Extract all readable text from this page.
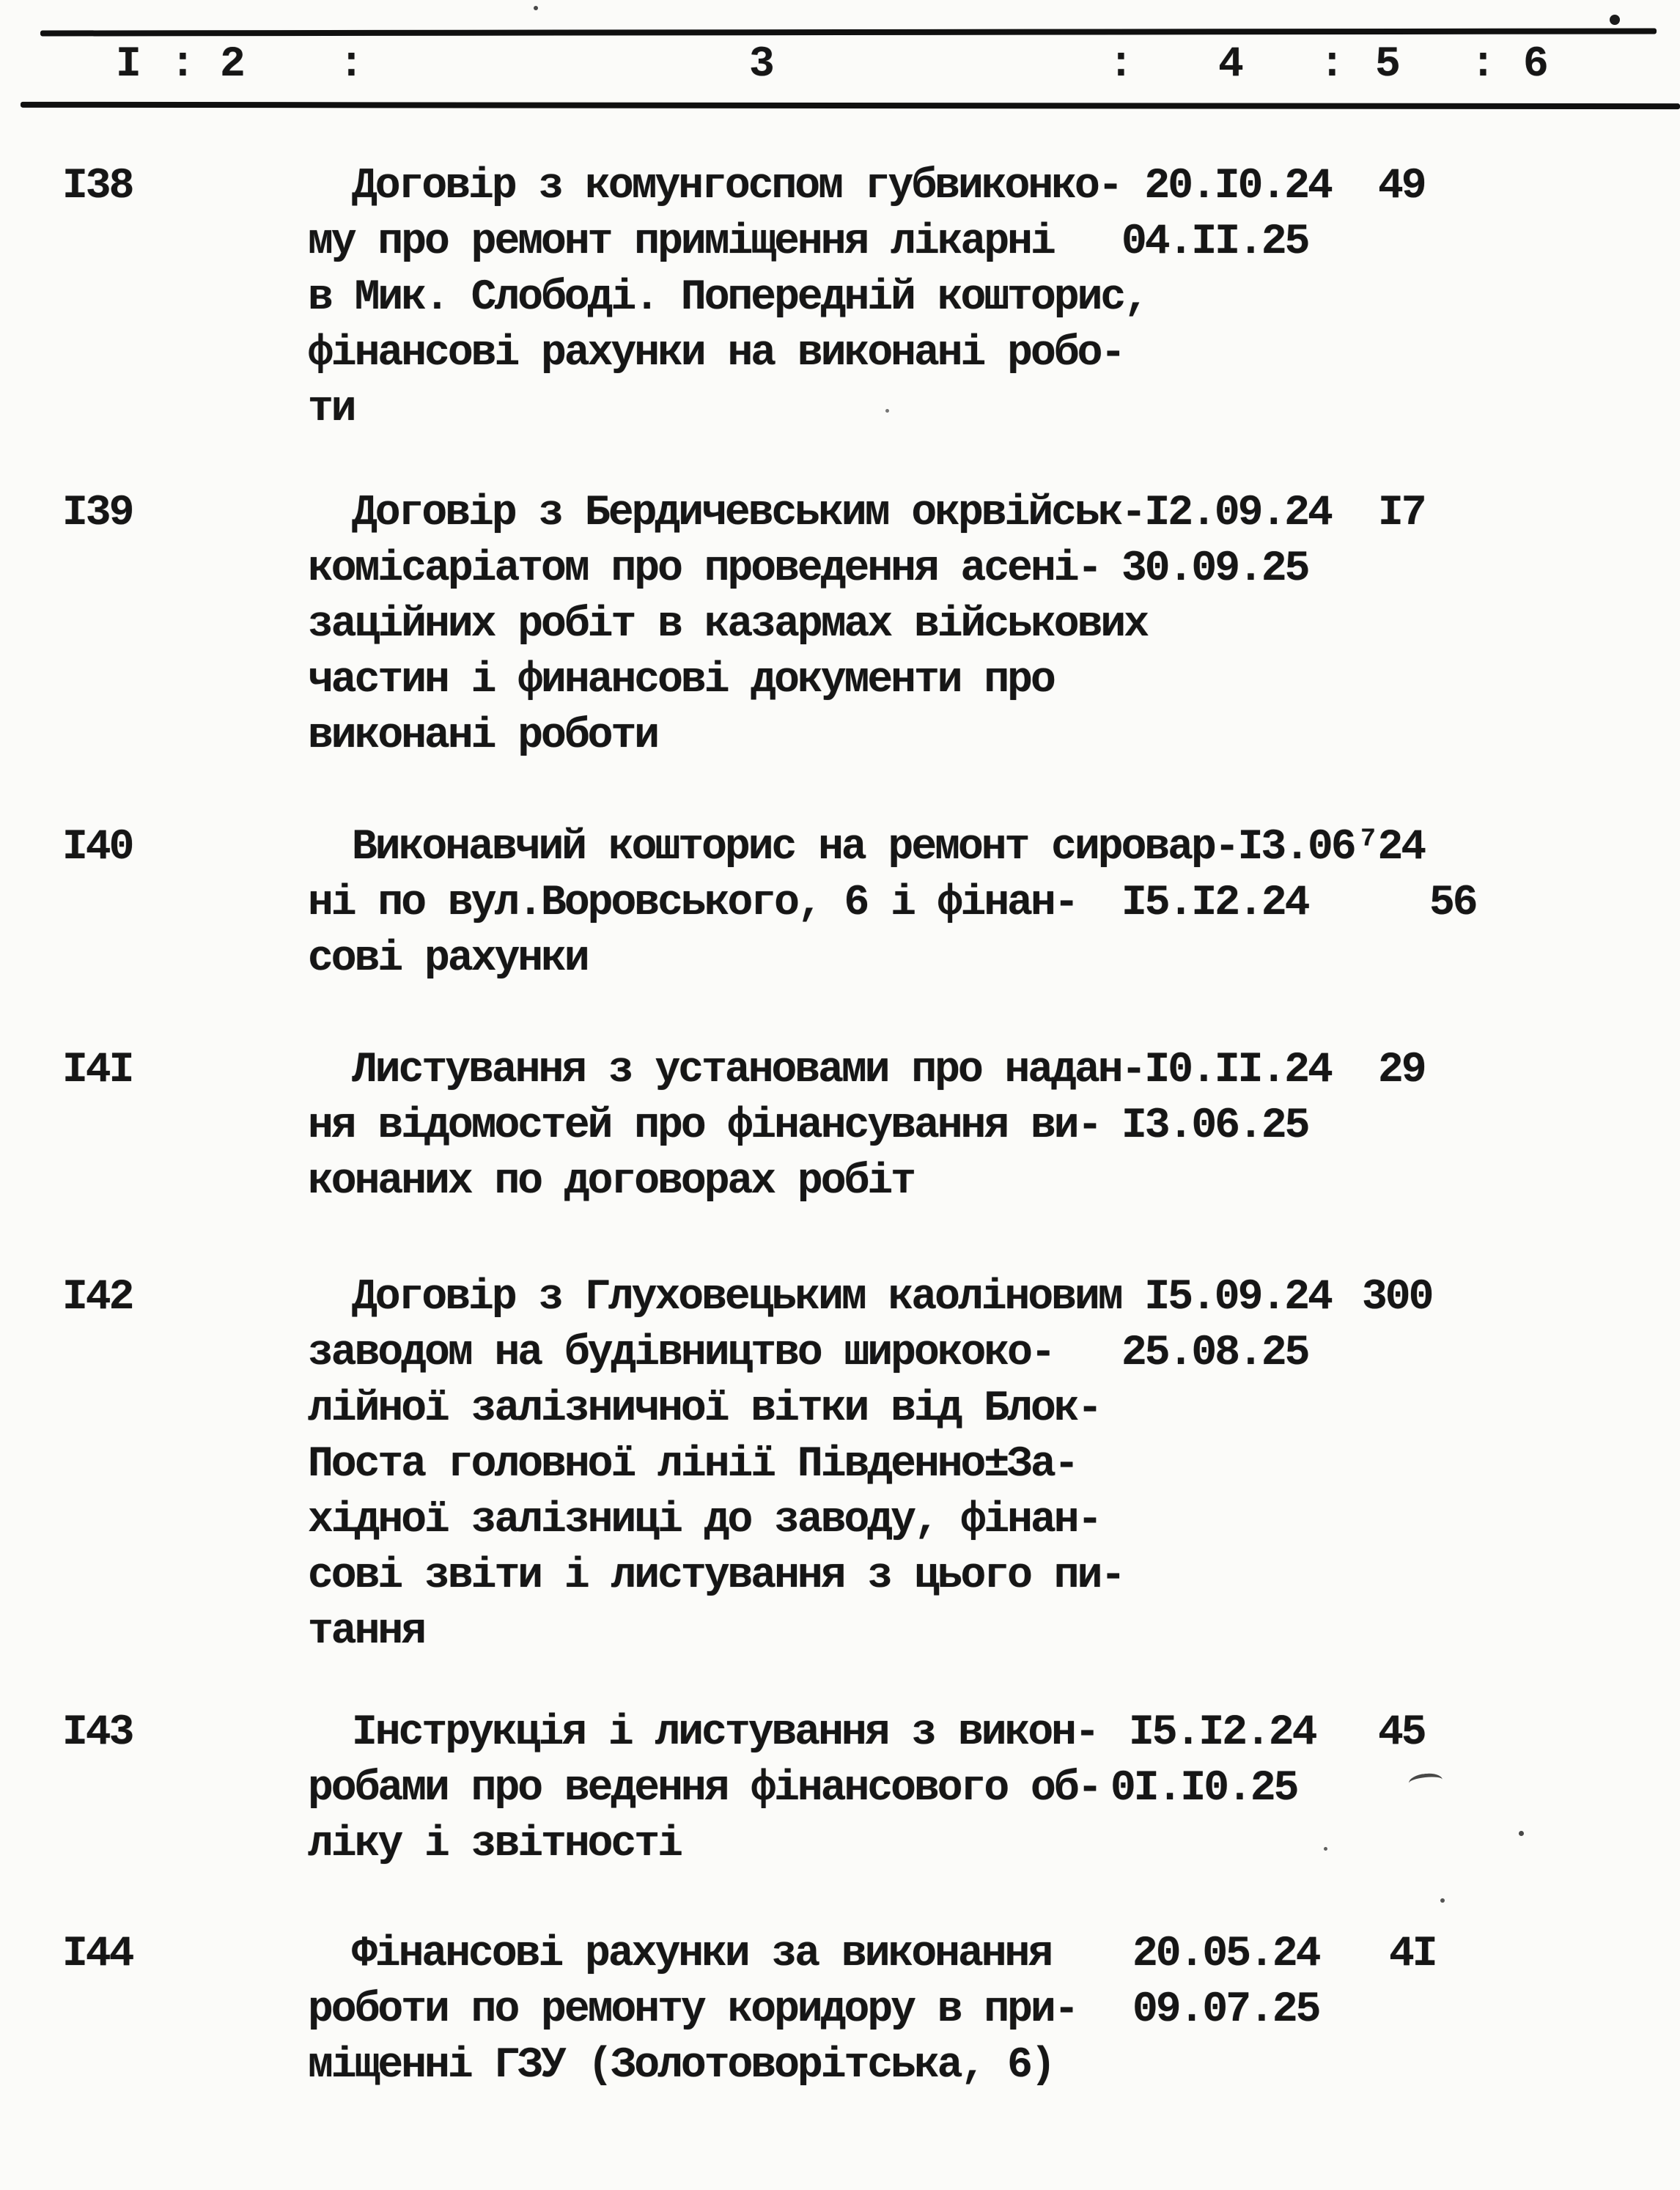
І : 2 :	3	: 4 : 5 : 6
І38	Договір з комунгоспом губвиконко- 20.І0.24 49
му про ремонт приміщення лікарні 04.ІІ.25
в Мик. Слободі. Попередній кошторис,
фінансові рахунки на виконані робо-
ти
І39	Договір з Бердичевським окрвійськ-І2.09.24 І7
комісаріатом про проведення асені- 30.09.25
заційних робіт в казармах військових
частин і финансові документи про
виконані роботи
І40	Виконавчий кошторис на ремонт сировар-І3.06⁷24
ні по вул.Воровського, 6 і фінан- І5.І2.24	56
сові рахунки
І4І	Листування з установами про надан-І0.ІІ.24 29
ня відомостей про фінансування ви- І3.06.25
конаних по договорах робіт
І42	Договір з Глуховецьким каоліновим І5.09.24 300
заводом на будівництво ширококо- 25.08.25
лійної залізничної вітки від Блок-
Поста головної лінії Південно±За-
хідної залізниці до заводу, фінан-
сові звіти і листування з цього пи-
тання
І43	Інструкція і листування з викон- І5.І2.24 45
робами про ведення фінансового об- 0І.І0.25
ліку і звітності
І44	Фінансові рахунки за виконання 20.05.24 4І
роботи по ремонту коридору в при- 09.07.25
міщенні ГЗУ (Золотоворітська, 6)
